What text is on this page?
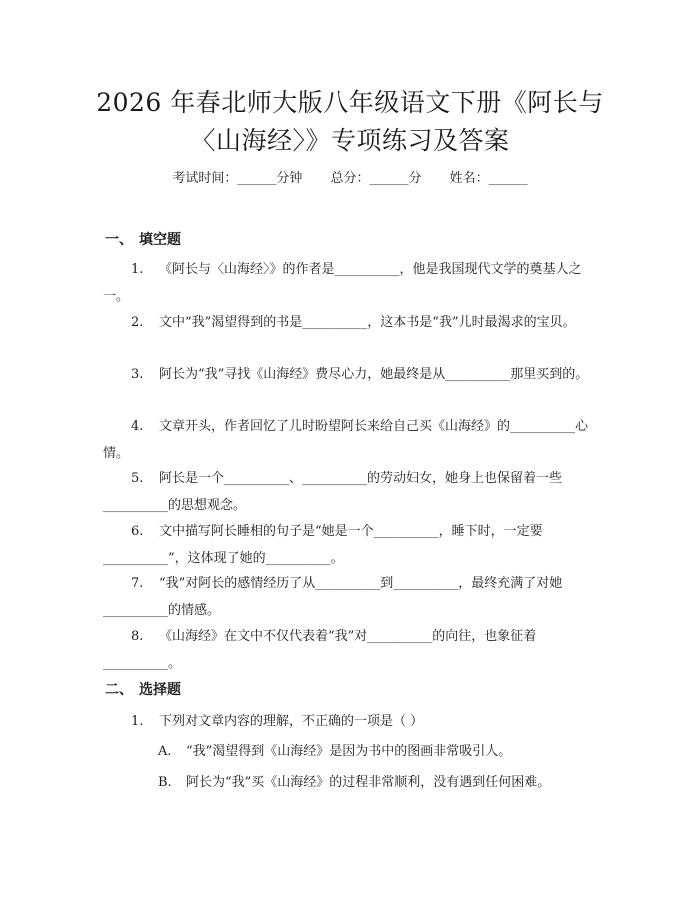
2026 年春北师大版八年级语文下册《阿长与
〈山海经〉》专项练习及答案
考试时间：______分钟 总分：______分 姓名：______
一、 填空题
1. 《阿长与〈山海经〉》的作者是__________，他是我国现代文学的奠基人之一。
2. 文中“我”渴望得到的书是__________，这本书是“我”儿时最渴求的宝贝。
3. 阿长为“我”寻找《山海经》费尽心力，她最终是从__________那里买到的。
4. 文章开头，作者回忆了儿时盼望阿长来给自己买《山海经》的__________心情。
5. 阿长是一个__________、__________的劳动妇女，她身上也保留着一些__________的思想观念。
6. 文中描写阿长睡相的句子是“她是一个__________，睡下时，一定要__________”，这体现了她的__________。
7. “我”对阿长的感情经历了从__________到__________，最终充满了对她__________的情感。
8. 《山海经》在文中不仅代表着“我”对__________的向往，也象征着__________。
二、 选择题
1. 下列对文章内容的理解，不正确的一项是（ ）
A. “我”渴望得到《山海经》是因为书中的图画非常吸引人。
B. 阿长为“我”买《山海经》的过程非常顺利，没有遇到任何困难。
